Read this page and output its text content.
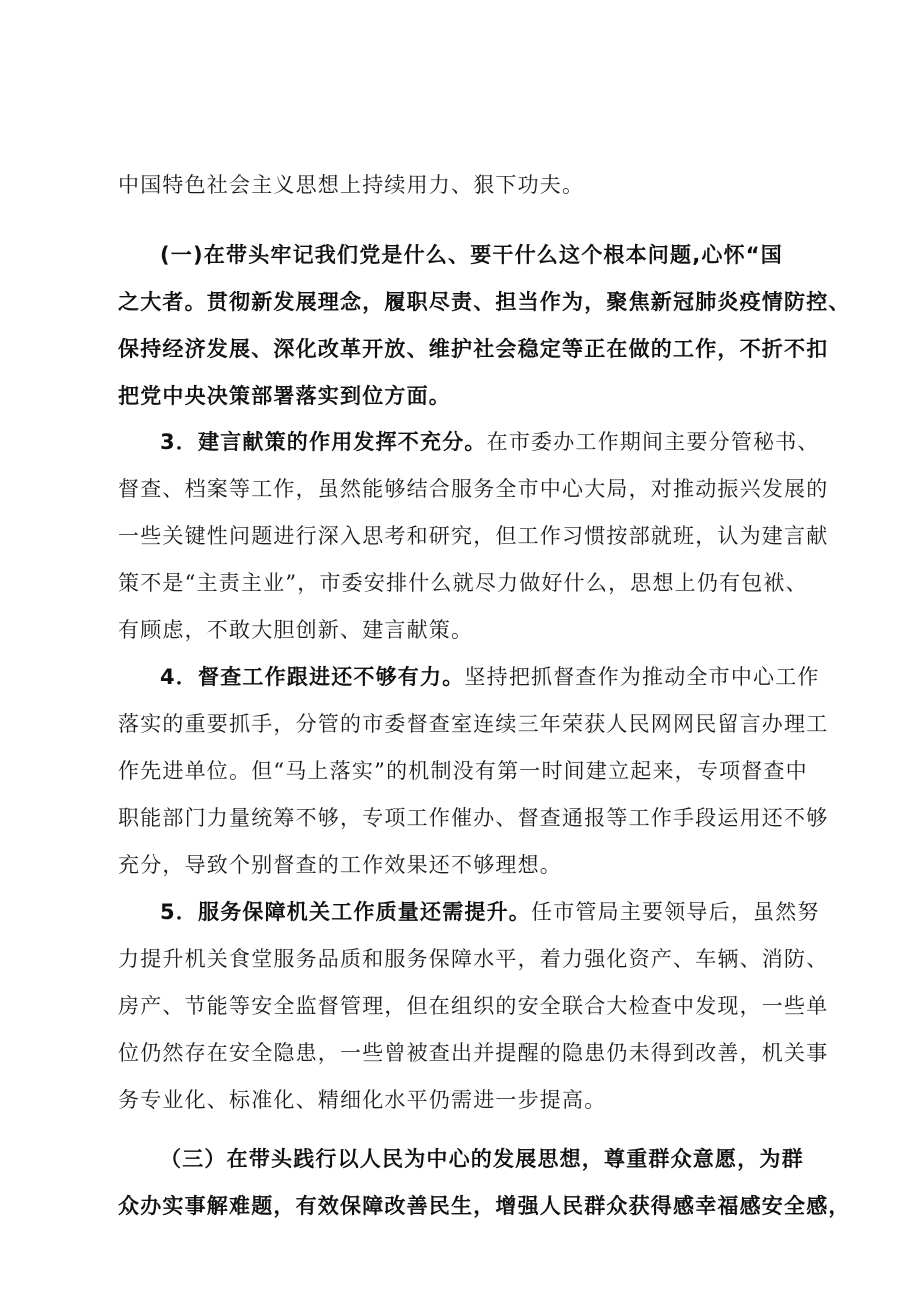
中国特色社会主义思想上持续用力、狠下功夫。
(一)在带头牢记我们党是什么、要干什么这个根本问题,心怀“国
之大者。贯彻新发展理念，履职尽责、担当作为，聚焦新冠肺炎疫情防控、
保持经济发展、深化改革开放、维护社会稳定等正在做的工作，不折不扣
把党中央决策部署落实到位方面。
3．建言献策的作用发挥不充分。在市委办工作期间主要分管秘书、
督查、档案等工作，虽然能够结合服务全市中心大局，对推动振兴发展的
一些关键性问题进行深入思考和研究，但工作习惯按部就班，认为建言献
策不是“主责主业”，市委安排什么就尽力做好什么，思想上仍有包袱、
有顾虑，不敢大胆创新、建言献策。
4．督查工作跟进还不够有力。坚持把抓督查作为推动全市中心工作
落实的重要抓手，分管的市委督查室连续三年荣获人民网网民留言办理工
作先进单位。但“马上落实”的机制没有第一时间建立起来，专项督查中
职能部门力量统筹不够，专项工作催办、督查通报等工作手段运用还不够
充分，导致个别督查的工作效果还不够理想。
5．服务保障机关工作质量还需提升。任市管局主要领导后，虽然努
力提升机关食堂服务品质和服务保障水平，着力强化资产、车辆、消防、
房产、节能等安全监督管理，但在组织的安全联合大检查中发现，一些单
位仍然存在安全隐患，一些曾被查出并提醒的隐患仍未得到改善，机关事
务专业化、标准化、精细化水平仍需进一步提高。
（三）在带头践行以人民为中心的发展思想，尊重群众意愿，为群
众办实事解难题，有效保障改善民生，增强人民群众获得感幸福感安全感，
